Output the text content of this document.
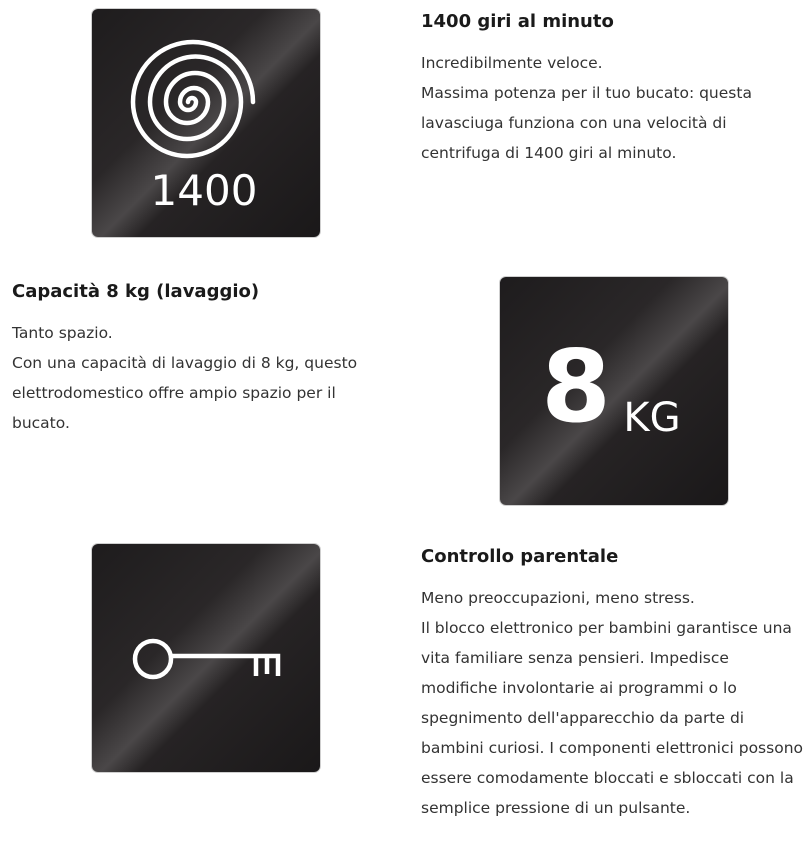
1400
1400 giri al minuto

Incredibilmente veloce.
Massima potenza per il tuo bucato: questa lavasciuga funziona con una velocità di centrifuga di 1400 giri al minuto.

Capacità 8 kg (lavaggio)

Tanto spazio.
Con una capacità di lavaggio di 8 kg, questo elettrodomestico offre ampio spazio per il bucato.	8 KG
Controllo parentale

Meno preoccupazioni, meno stress.
Il blocco elettronico per bambini garantisce una vita familiare senza pensieri. Impedisce modifiche involontarie ai programmi o lo spegnimento dell'apparecchio da parte di bambini curiosi. I componenti elettronici possono essere comodamente bloccati e sbloccati con la semplice pressione di un pulsante.
